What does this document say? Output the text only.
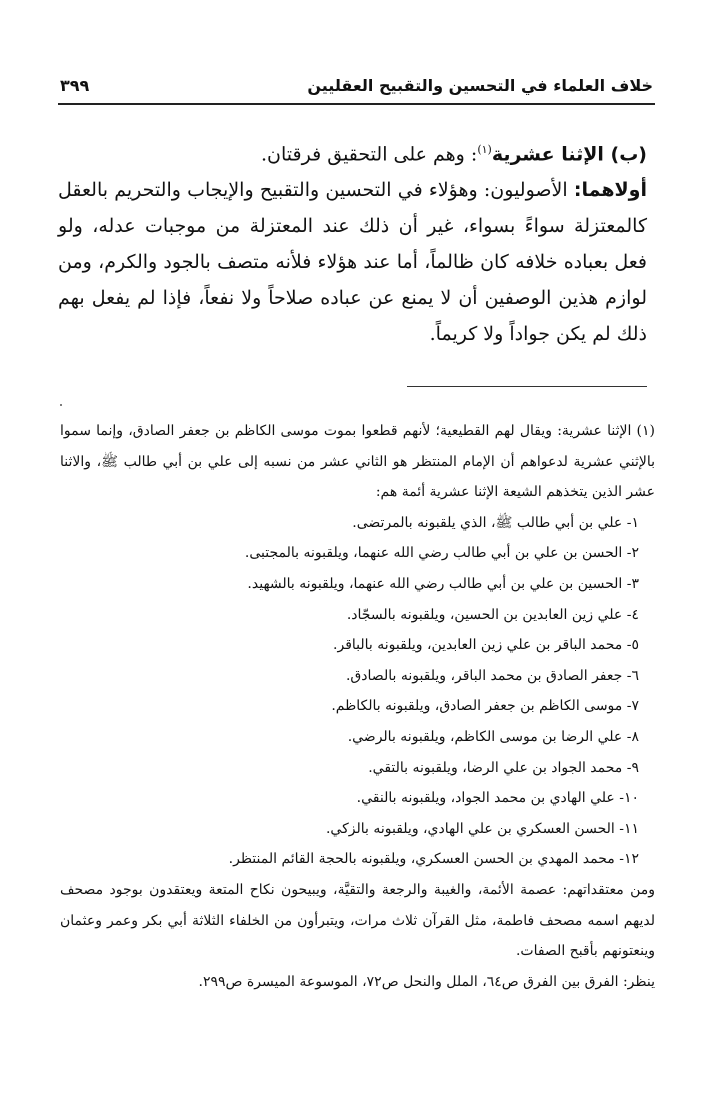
خلاف العلماء في التحسين والتقبيح العقليين
٣٩٩

(ب) الإثنا عشرية$^{(١)}$: وهم على التحقيق فرقتان.

أولاهما: الأصوليون: وهؤلاء في التحسين والتقبيح والإيجاب والتحريم بالعقل كالمعتزلة سواءً بسواء، غير أن ذلك عند المعتزلة من موجبات عدله، ولو فعل بعباده خلافه كان ظالماً، أما عند هؤلاء فلأنه متصف بالجود والكرم، ومن لوازم هذين الوصفين أن لا يمنع عن عباده صلاحاً ولا نفعاً، فإذا لم يفعل بهم ذلك لم يكن جواداً ولا كريماً.

(١) الإثنا عشرية: ويقال لهم القطيعية؛ لأنهم قطعوا بموت موسى الكاظم بن جعفر الصادق، وإنما سموا بالإثني عشرية لدعواهم أن الإمام المنتظر هو الثاني عشر من نسبه إلى علي بن أبي طالب ﷺ، والاثنا عشر الذين يتخذهم الشيعة الإثنا عشرية أئمة هم:

١- علي بن أبي طالب ﷺ، الذي يلقبونه بالمرتضى.

٢- الحسن بن علي بن أبي طالب رضي الله عنهما، ويلقبونه بالمجتبى.

٣- الحسين بن علي بن أبي طالب رضي الله عنهما، ويلقبونه بالشهيد.

٤- علي زين العابدين بن الحسين، ويلقبونه بالسجّاد.

٥- محمد الباقر بن علي زين العابدين، ويلقبونه بالباقر.

٦- جعفر الصادق بن محمد الباقر، ويلقبونه بالصادق.

٧- موسى الكاظم بن جعفر الصادق، ويلقبونه بالكاظم.

٨- علي الرضا بن موسى الكاظم، ويلقبونه بالرضي.

٩- محمد الجواد بن علي الرضا، ويلقبونه بالتقي.

١٠- علي الهادي بن محمد الجواد، ويلقبونه بالنقي.

١١- الحسن العسكري بن علي الهادي، ويلقبونه بالزكي.

١٢- محمد المهدي بن الحسن العسكري، ويلقبونه بالحجة القائم المنتظر.

ومن معتقداتهم: عصمة الأئمة، والغيبة والرجعة والتقيَّة، ويبيحون نكاح المتعة ويعتقدون بوجود مصحف لديهم اسمه مصحف فاطمة، مثل القرآن ثلاث مرات، ويتبرأون من الخلفاء الثلاثة أبي بكر وعمر وعثمان وينعتونهم بأقبح الصفات.

ينظر: الفرق بين الفرق ص٦٤، الملل والنحل ص٧٢، الموسوعة الميسرة ص٢٩٩.
